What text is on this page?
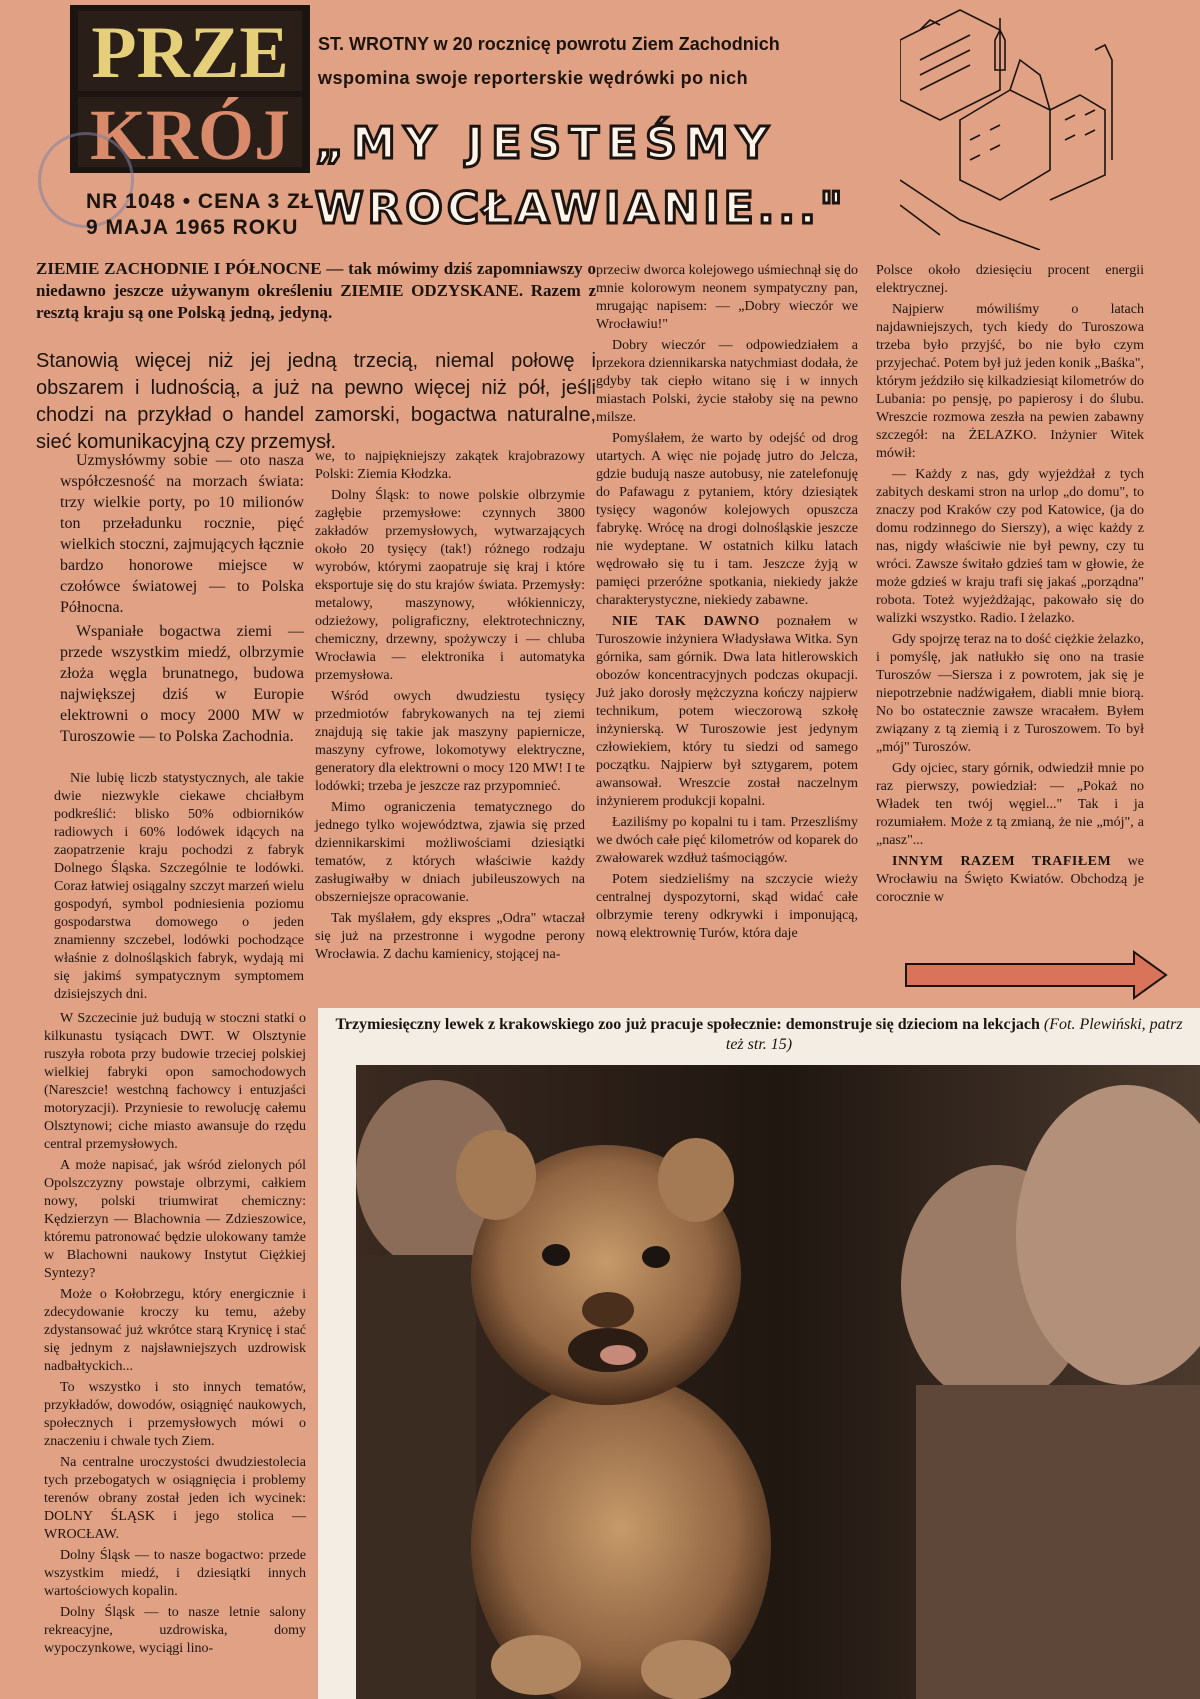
PRZE
KRÓJ
NR 1048 • CENA 3 ZŁ
9 MAJA 1965 ROKU
ST. WROTNY w 20 rocznicę powrotu Ziem Zachodnich
wspomina swoje reporterskie wędrówki po nich
„MY JESTEŚMY
WROCŁAWIANIE..."
ZIEMIE ZACHODNIE I PÓŁNOCNE — tak mówimy dziś zapomniawszy o niedawno jeszcze używanym określeniu ZIEMIE ODZYSKANE. Razem z resztą kraju są one Polską jedną, jedyną.
Stanowią więcej niż jej jedną trzecią, niemal połowę i obszarem i ludnością, a już na pewno więcej niż pół, jeśli chodzi na przykład o handel zamorski, bogactwa naturalne, sieć komunikacyjną czy przemysł.

Uzmysłówmy sobie — oto nasza współczesność na morzach świata: trzy wielkie porty, po 10 milionów ton przeładunku rocznie, pięć wielkich stoczni, zajmujących łącznie bardzo honorowe miejsce w czołówce światowej — to Polska Północna.

Wspaniałe bogactwa ziemi — przede wszystkim miedź, olbrzymie złoża węgla brunatnego, budowa największej dziś w Europie elektrowni o mocy 2000 MW w Turoszowie — to Polska Zachodnia.

Nie lubię liczb statystycznych, ale takie dwie niezwykle ciekawe chciałbym podkreślić: blisko 50% odbiorników radiowych i 60% lodówek idących na zaopatrzenie kraju pochodzi z fabryk Dolnego Śląska. Szczególnie te lodówki. Coraz łatwiej osiągalny szczyt marzeń wielu gospodyń, symbol podniesienia poziomu gospodarstwa domowego o jeden znamienny szczebel, lodówki pochodzące właśnie z dolnośląskich fabryk, wydają mi się jakimś sympatycznym symptomem dzisiejszych dni.

W Szczecinie już budują w stoczni statki o kilkunastu tysiącach DWT. W Olsztynie ruszyła robota przy budowie trzeciej polskiej wielkiej fabryki opon samochodowych (Nareszcie! westchną fachowcy i entuzjaści motoryzacji). Przyniesie to rewolucję całemu Olsztynowi; ciche miasto awansuje do rzędu central przemysłowych.

A może napisać, jak wśród zielonych pól Opolszczyzny powstaje olbrzymi, całkiem nowy, polski triumwirat chemiczny: Kędzierzyn — Blachownia — Zdzieszowice, któremu patronować będzie ulokowany tamże w Blachowni naukowy Instytut Ciężkiej Syntezy?

Może o Kołobrzegu, który energicznie i zdecydowanie kroczy ku temu, ażeby zdystansować już wkrótce starą Krynicę i stać się jednym z najsławniejszych uzdrowisk nadbałtyckich...

To wszystko i sto innych tematów, przykładów, dowodów, osiągnięć naukowych, społecznych i przemysłowych mówi o znaczeniu i chwale tych Ziem.

Na centralne uroczystości dwudziestolecia tych przebogatych w osiągnięcia i problemy terenów obrany został jeden ich wycinek: DOLNY ŚLĄSK i jego stolica — WROCŁAW.

Dolny Śląsk — to nasze bogactwo: przede wszystkim miedź, i dziesiątki innych wartościowych kopalin.

Dolny Śląsk — to nasze letnie salony rekreacyjne, uzdrowiska, domy wypoczynkowe, wyciągi lino-

we, to najpiękniejszy zakątek krajobrazowy Polski: Ziemia Kłodzka.

Dolny Śląsk: to nowe polskie olbrzymie zagłębie przemysłowe: czynnych 3800 zakładów przemysłowych, wytwarzających około 20 tysięcy (tak!) różnego rodzaju wyrobów, którymi zaopatruje się kraj i które eksportuje się do stu krajów świata. Przemysły: metalowy, maszynowy, włókienniczy, odzieżowy, poligraficzny, elektrotechniczny, chemiczny, drzewny, spożywczy i — chluba Wrocławia — elektronika i automatyka przemysłowa.

Wśród owych dwudziestu tysięcy przedmiotów fabrykowanych na tej ziemi znajdują się takie jak maszyny papiernicze, maszyny cyfrowe, lokomotywy elektryczne, generatory dla elektrowni o mocy 120 MW! I te lodówki; trzeba je jeszcze raz przypomnieć.

Mimo ograniczenia tematycznego do jednego tylko województwa, zjawia się przed dziennikarskimi możliwościami dziesiątki tematów, z których właściwie każdy zasługiwałby w dniach jubileuszowych na obszerniejsze opracowanie.

Tak myślałem, gdy ekspres „Odra" wtaczał się już na przestronne i wygodne perony Wrocławia. Z dachu kamienicy, stojącej na-

przeciw dworca kolejowego uśmiechnął się do mnie kolorowym neonem sympatyczny pan, mrugając napisem: — „Dobry wieczór we Wrocławiu!"

Dobry wieczór — odpowiedziałem a przekora dziennikarska natychmiast dodała, że gdyby tak ciepło witano się i w innych miastach Polski, życie stałoby się na pewno milsze.

Pomyślałem, że warto by odejść od drog utartych. A więc nie pojadę jutro do Jelcza, gdzie budują nasze autobusy, nie zatelefonuję do Pafawagu z pytaniem, który dziesiątek tysięcy wagonów kolejowych opuszcza fabrykę. Wrócę na drogi dolnośląskie jeszcze nie wydeptane. W ostatnich kilku latach wędrowało się tu i tam. Jeszcze żyją w pamięci przeróżne spotkania, niekiedy jakże charakterystyczne, niekiedy zabawne.

NIE TAK DAWNO poznałem w Turoszowie inżyniera Władysława Witka. Syn górnika, sam górnik. Dwa lata hitlerowskich obozów koncentracyjnych podczas okupacji. Już jako dorosły mężczyzna kończy najpierw technikum, potem wieczorową szkołę inżynierską. W Turoszowie jest jedynym człowiekiem, który tu siedzi od samego początku. Najpierw był sztygarem, potem awansował. Wreszcie został naczelnym inżynierem produkcji kopalni.

Łaziliśmy po kopalni tu i tam. Przeszliśmy we dwóch całe pięć kilometrów od koparek do zwałowarek wzdłuż taśmociągów.

Potem siedzieliśmy na szczycie wieży centralnej dyspozytorni, skąd widać całe olbrzymie tereny odkrywki i imponującą, nową elektrownię Turów, która daje

Polsce około dziesięciu procent energii elektrycznej.

Najpierw mówiliśmy o latach najdawniejszych, tych kiedy do Turoszowa trzeba było przyjść, bo nie było czym przyjechać. Potem był już jeden konik „Baśka", którym jeździło się kilkadziesiąt kilometrów do Lubania: po pensję, po papierosy i do ślubu. Wreszcie rozmowa zeszła na pewien zabawny szczegół: na ŻELAZKO. Inżynier Witek mówił:

— Każdy z nas, gdy wyjeżdżał z tych zabitych deskami stron na urlop „do domu", to znaczy pod Kraków czy pod Katowice, (ja do domu rodzinnego do Sierszy), a więc każdy z nas, nigdy właściwie nie był pewny, czy tu wróci. Zawsze świtało gdzieś tam w głowie, że może gdzieś w kraju trafi się jakaś „porządna" robota. Toteż wyjeżdżając, pakowało się do walizki wszystko. Radio. I żelazko.

Gdy spojrzę teraz na to dość ciężkie żelazko, i pomyślę, jak natłukło się ono na trasie Turoszów —Siersza i z powrotem, jak się je niepotrzebnie nadźwigałem, diabli mnie biorą. No bo ostatecznie zawsze wracałem. Byłem związany z tą ziemią i z Turoszowem. To był „mój" Turoszów.

Gdy ojciec, stary górnik, odwiedził mnie po raz pierwszy, powiedział: — „Pokaż no Władek ten twój węgiel..." Tak i ja rozumiałem. Może z tą zmianą, że nie „mój", a „nasz"...

INNYM RAZEM TRAFIŁEM we Wrocławiu na Święto Kwiatów. Obchodzą je corocznie w

Trzymiesięczny lewek z krakowskiego zoo już pracuje społecznie: demonstruje się dzieciom na lekcjach (Fot. Plewiński, patrz też str. 15)
